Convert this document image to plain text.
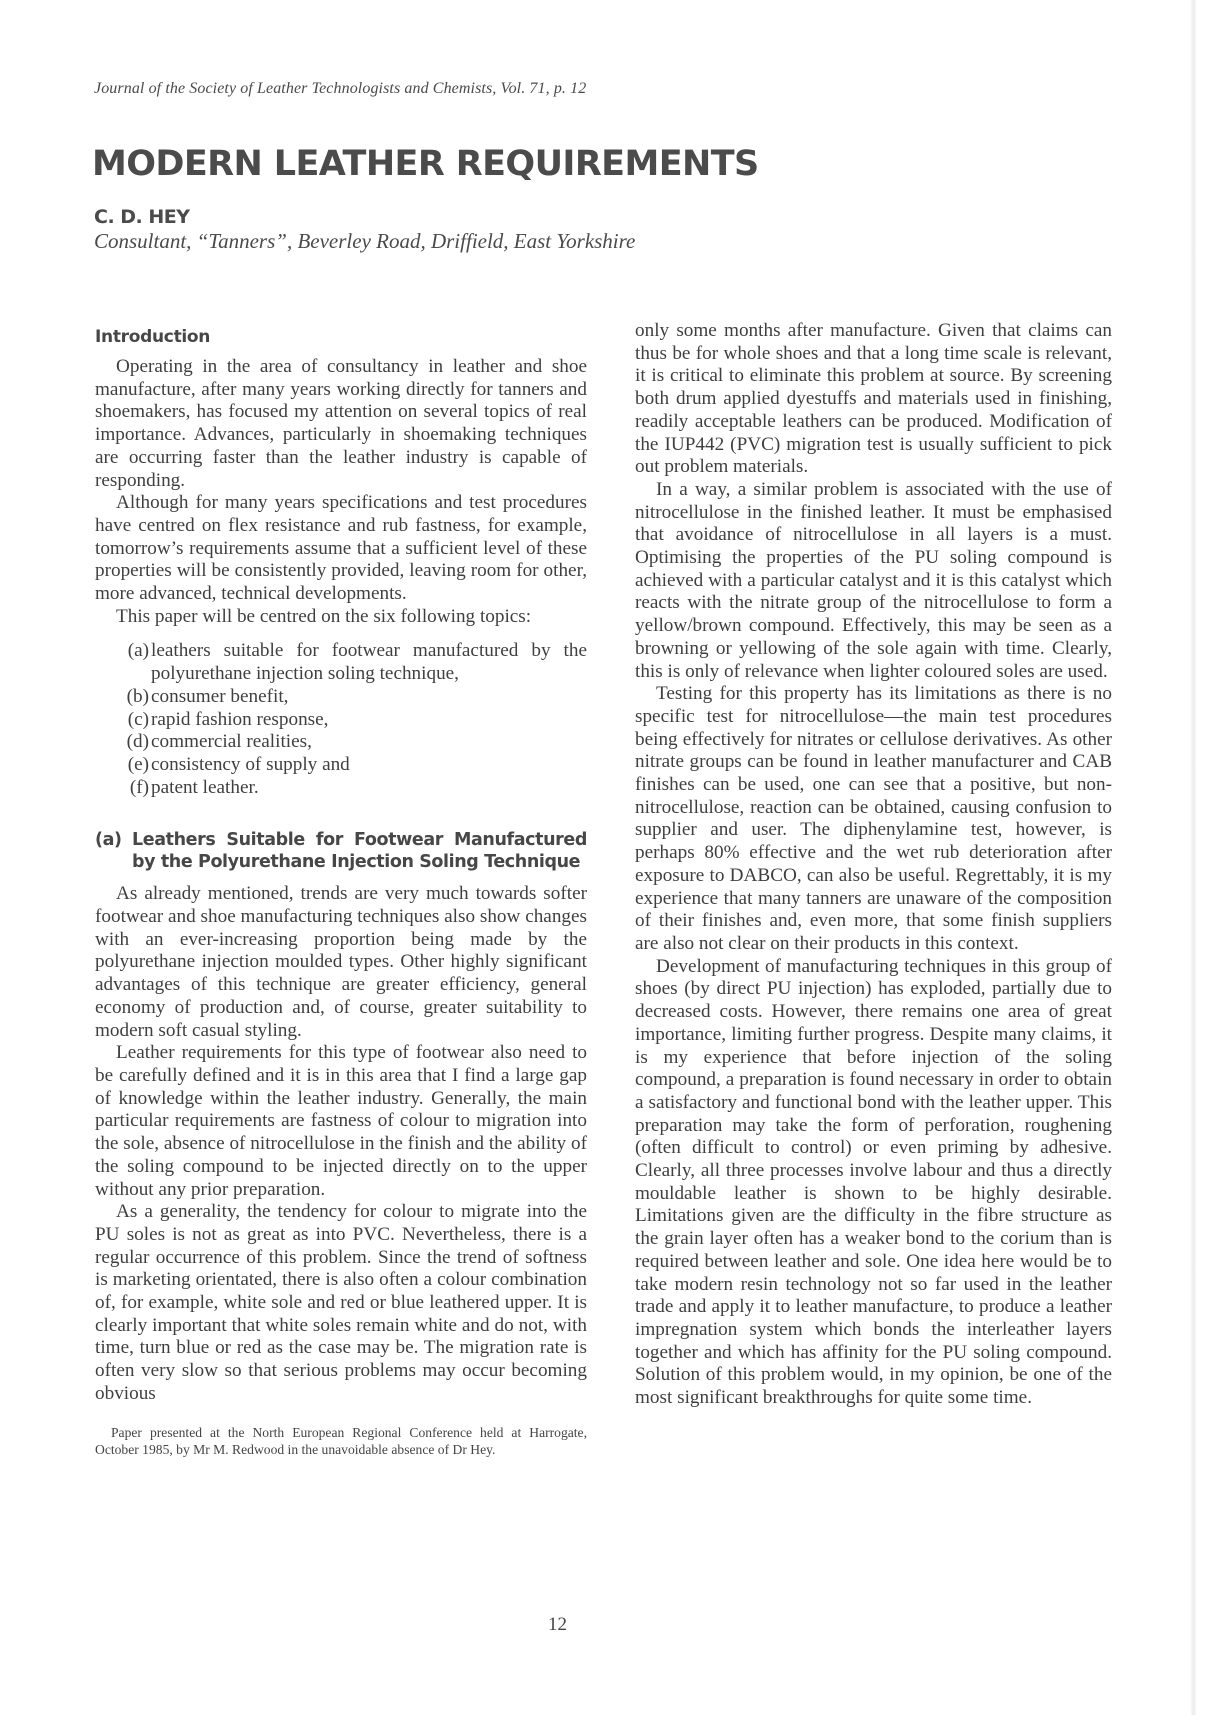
Journal of the Society of Leather Technologists and Chemists, Vol. 71, p. 12
MODERN LEATHER REQUIREMENTS
C. D. HEY
Consultant, “Tanners”, Beverley Road, Driffield, East Yorkshire
Introduction

Operating in the area of consultancy in leather and shoe manufacture, after many years working directly for tanners and shoemakers, has focused my attention on several topics of real importance. Advances, particularly in shoemaking techniques are occurring faster than the leather industry is capable of responding.

Although for many years specifications and test procedures have centred on flex resistance and rub fastness, for example, tomorrow’s requirements assume that a sufficient level of these properties will be consistently provided, leaving room for other, more advanced, technical developments.

This paper will be centred on the six following topics:

(a) leathers suitable for footwear manufactured by the polyurethane injection soling technique,
(b) consumer benefit,
(c) rapid fashion response,
(d) commercial realities,
(e) consistency of supply and
(f) patent leather.
(a) Leathers Suitable for Footwear Manufactured by the Polyurethane Injection Soling Technique

As already mentioned, trends are very much towards softer footwear and shoe manufacturing techniques also show changes with an ever-increasing proportion being made by the polyurethane injection moulded types. Other highly significant advantages of this technique are greater efficiency, general economy of production and, of course, greater suitability to modern soft casual styling.

Leather requirements for this type of footwear also need to be carefully defined and it is in this area that I find a large gap of knowledge within the leather industry. Generally, the main particular requirements are fastness of colour to migration into the sole, absence of nitrocellulose in the finish and the ability of the soling compound to be injected directly on to the upper without any prior preparation.

As a generality, the tendency for colour to migrate into the PU soles is not as great as into PVC. Nevertheless, there is a regular occurrence of this problem. Since the trend of softness is marketing orientated, there is also often a colour combination of, for example, white sole and red or blue leathered upper. It is clearly important that white soles remain white and do not, with time, turn blue or red as the case may be. The migration rate is often very slow so that serious problems may occur becoming obvious

Paper presented at the North European Regional Conference held at Harrogate, October 1985, by Mr M. Redwood in the unavoidable absence of Dr Hey.

only some months after manufacture. Given that claims can thus be for whole shoes and that a long time scale is relevant, it is critical to eliminate this problem at source. By screening both drum applied dyestuffs and materials used in finishing, readily acceptable leathers can be produced. Modification of the IUP442 (PVC) migration test is usually sufficient to pick out problem materials.

In a way, a similar problem is associated with the use of nitrocellulose in the finished leather. It must be emphasised that avoidance of nitrocellulose in all layers is a must. Optimising the properties of the PU soling compound is achieved with a particular catalyst and it is this catalyst which reacts with the nitrate group of the nitrocellulose to form a yellow/brown compound. Effectively, this may be seen as a browning or yellowing of the sole again with time. Clearly, this is only of relevance when lighter coloured soles are used.

Testing for this property has its limitations as there is no specific test for nitrocellulose—the main test procedures being effectively for nitrates or cellulose derivatives. As other nitrate groups can be found in leather manufacturer and CAB finishes can be used, one can see that a positive, but non-nitrocellulose, reaction can be obtained, causing confusion to supplier and user. The diphenylamine test, however, is perhaps 80% effective and the wet rub deterioration after exposure to DABCO, can also be useful. Regrettably, it is my experience that many tanners are unaware of the composition of their finishes and, even more, that some finish suppliers are also not clear on their products in this context.

Development of manufacturing techniques in this group of shoes (by direct PU injection) has exploded, partially due to decreased costs. However, there remains one area of great importance, limiting further progress. Despite many claims, it is my experience that before injection of the soling compound, a preparation is found necessary in order to obtain a satisfactory and functional bond with the leather upper. This preparation may take the form of perforation, roughening (often difficult to control) or even priming by adhesive. Clearly, all three processes involve labour and thus a directly mouldable leather is shown to be highly desirable. Limitations given are the difficulty in the fibre structure as the grain layer often has a weaker bond to the corium than is required between leather and sole. One idea here would be to take modern resin technology not so far used in the leather trade and apply it to leather manufacture, to produce a leather impregnation system which bonds the interleather layers together and which has affinity for the PU soling compound. Solution of this problem would, in my opinion, be one of the most significant breakthroughs for quite some time.

12
